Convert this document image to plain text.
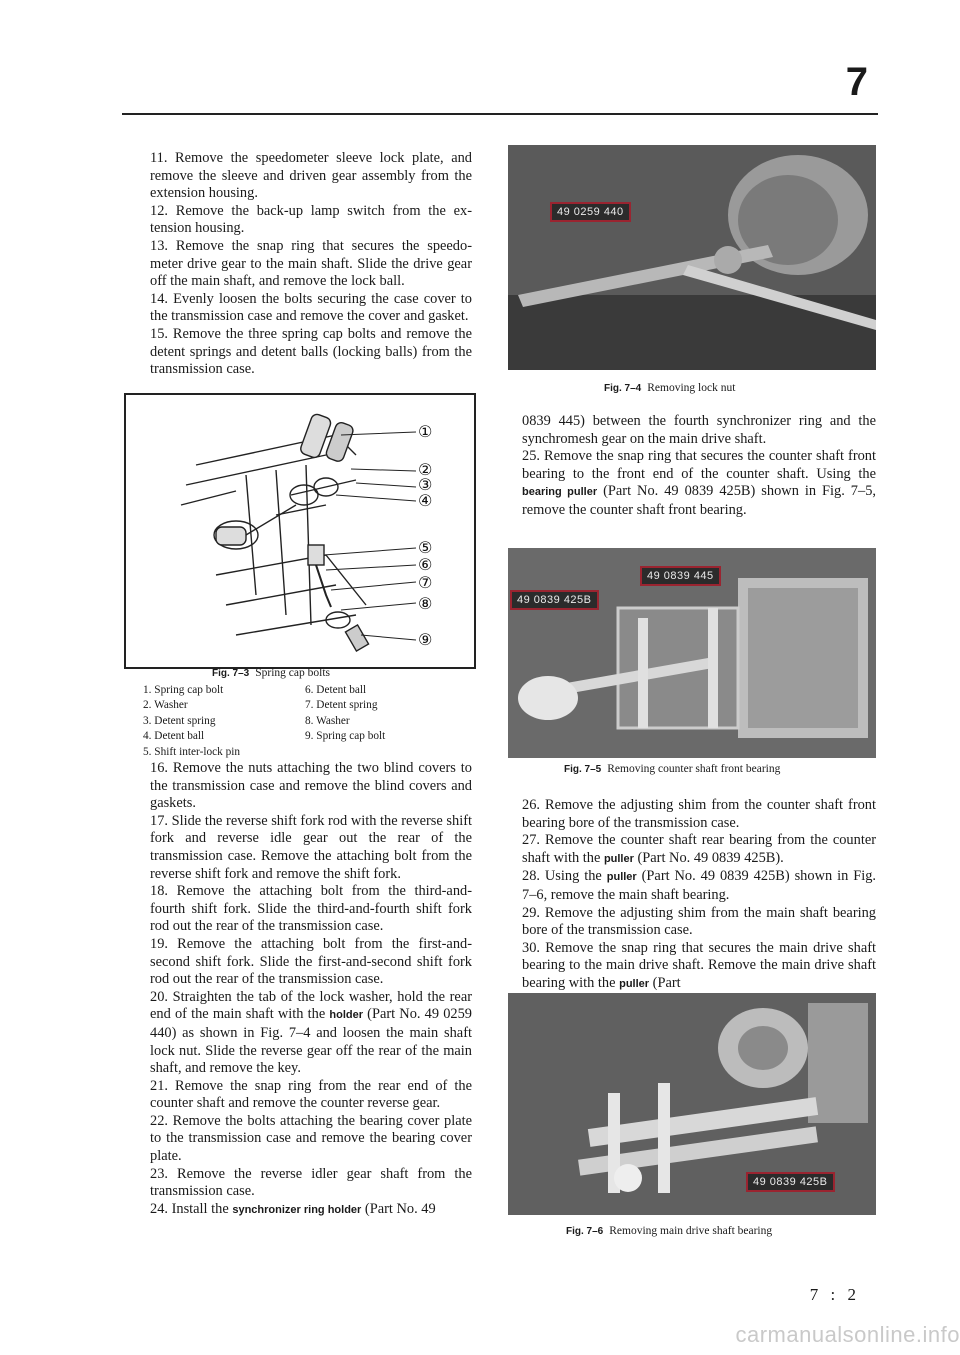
7

11. Remove the speedometer sleeve lock plate, and remove the sleeve and driven gear assembly from the extension housing.
12. Remove the back-up lamp switch from the ex- tension housing.
13. Remove the snap ring that secures the speedo- meter drive gear to the main shaft. Slide the drive gear off the main shaft, and remove the lock ball.
14. Evenly loosen the bolts securing the case cover to the transmission case and remove the cover and gasket.
15. Remove the three spring cap bolts and remove the detent springs and detent balls (locking balls) from the transmission case.

①
②
③
④
⑤
⑥
⑦
⑧
⑨
Fig. 7–3 Spring cap bolts
1. Spring cap bolt	6. Detent ball
2. Washer	7. Detent spring
3. Detent spring	8. Washer
4. Detent ball	9. Spring cap bolt
5. Shift inter-lock pin

16. Remove the nuts attaching the two blind covers to the transmission case and remove the blind covers and gaskets.
17. Slide the reverse shift fork rod with the reverse shift fork and reverse idle gear out the rear of the transmission case. Remove the attaching bolt from the reverse shift fork and remove the shift fork.
18. Remove the attaching bolt from the third-and- fourth shift fork. Slide the third-and-fourth shift fork rod out the rear of the transmission case.
19. Remove the attaching bolt from the first-and- second shift fork. Slide the first-and-second shift fork rod out the rear of the transmission case.

20. Straighten the tab of the lock washer, hold the rear end of the main shaft with the holder (Part No. 49 0259 440) as shown in Fig. 7–4 and loosen the main shaft lock nut. Slide the reverse gear off the rear of the main shaft, and remove the key.
21. Remove the snap ring from the rear end of the counter shaft and remove the counter reverse gear.
22. Remove the bolts attaching the bearing cover plate to the transmission case and remove the bearing cover plate.
23. Remove the reverse idler gear shaft from the transmission case.

24. Install the synchronizer ring holder (Part No. 49

49 0259 440
Fig. 7–4 Removing lock nut

0839 445) between the fourth synchronizer ring and the synchromesh gear on the main drive shaft.
25. Remove the snap ring that secures the counter shaft front bearing to the front end of the counter shaft. Using the bearing puller (Part No. 49 0839 425B) shown in Fig. 7–5, remove the counter shaft front bearing.

49 0839 445
49 0839 425B
Fig. 7–5 Removing counter shaft front bearing

26. Remove the adjusting shim from the counter shaft front bearing bore of the transmission case.
27. Remove the counter shaft rear bearing from the counter shaft with the puller (Part No. 49 0839 425B).
28. Using the puller (Part No. 49 0839 425B) shown in Fig. 7–6, remove the main shaft bearing.
29. Remove the adjusting shim from the main shaft bearing bore of the transmission case.
30. Remove the snap ring that secures the main drive shaft bearing to the main drive shaft. Remove the main drive shaft bearing with the puller (Part

49 0839 425B
Fig. 7–6 Removing main drive shaft bearing
7 : 2
carmanualsonline.info
